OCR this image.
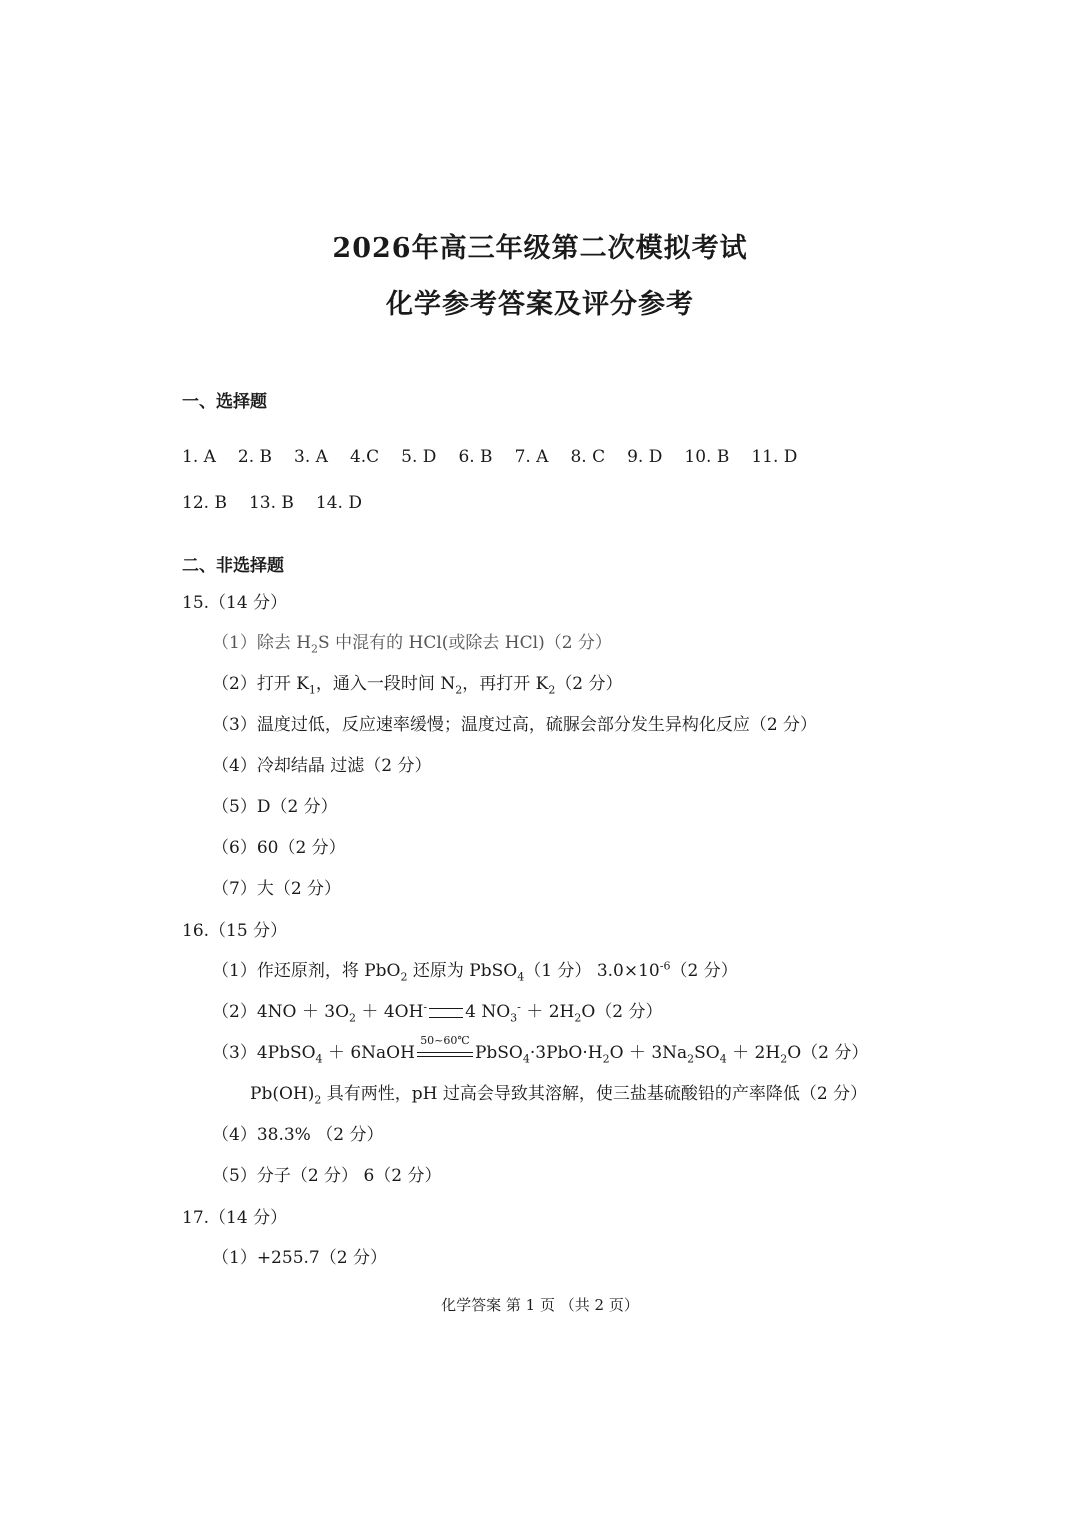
2026年高三年级第二次模拟考试
化学参考答案及评分参考
一、选择题
1. A 2. B 3. A 4.C 5. D 6. B 7. A 8. C 9. D 10. B 11. D
12. B 13. B 14. D
二、非选择题
15.（14 分）
（1）除去 $H_2S$ 中混有的 HCl(或除去 HCl)（2 分）
（2）打开 $K_1$，通入一段时间 $N_2$，再打开 $K_2(2$ 分）
（3）温度过低，反应速率缓慢；温度过高，硫脲会部分发生异构化反应（2 分）
（4）冷却结晶 过滤（2 分）
（5）D（2 分）
（6）60（2 分）
（7）大（2 分）
16.（15 分）
（1）作还原剂，将 PbO$_2$ 还原为 PbSO$_4$（1 分） $3.0\times 10^{-6}(2$ 分）
$(2)4NO + 3O_2 + 4OH^-$ 4 $NO_3^- + 2H_2O(2$ 分）
（3）4PbSO$_4$ ＋ 6NaOH
50~60℃
$PbSO_4\cdot 3PbO\cdot H_2O + 3Na_2SO_4 + 2H_2O(2$ 分）
$Pb(OH)_2$ 具有两性，pH 过高会导致其溶解，使三盐基硫酸铅的产率降低（2 分）
（4）38.3% （2 分）
（5）分子（2 分） 6（2 分）
17.（14 分）
（1）+255.7（2 分）
化学答案 第 1 页 （共 2 页）
